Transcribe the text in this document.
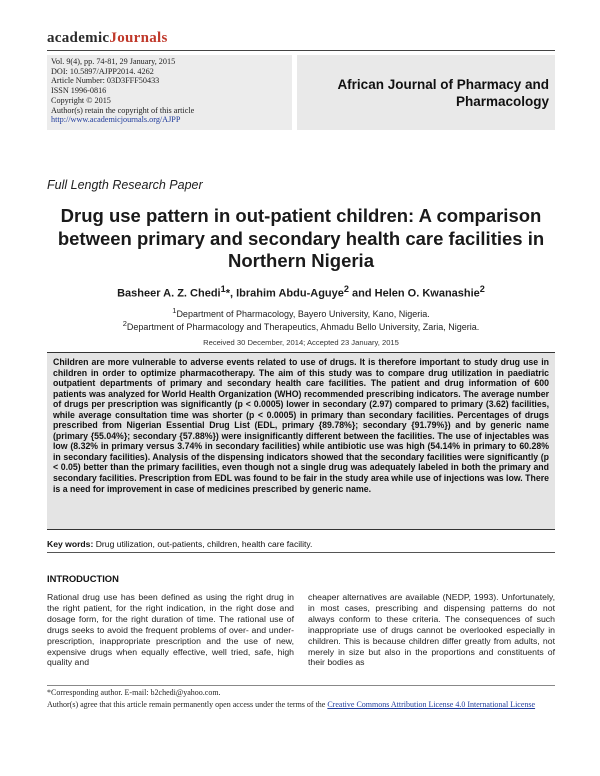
academicJournals
Vol. 9(4), pp. 74-81, 29 January, 2015
DOI: 10.5897/AJPP2014. 4262
Article Number: 03D3FFF50433
ISSN 1996-0816
Copyright © 2015
Author(s) retain the copyright of this article
http://www.academicjournals.org/AJPP
African Journal of Pharmacy and
Pharmacology
Full Length Research Paper
Drug use pattern in out-patient children: A comparison between primary and secondary health care facilities in Northern Nigeria
Basheer A. Z. Chedi$^1$*, Ibrahim Abdu-Aguye$^2$ and Helen O. Kwanashie$^2$
$^1$Department of Pharmacology, Bayero University, Kano, Nigeria.
$^2$Department of Pharmacology and Therapeutics, Ahmadu Bello University, Zaria, Nigeria.
Received 30 December, 2014; Accepted 23 January, 2015
Children are more vulnerable to adverse events related to use of drugs. It is therefore important to study drug use in children in order to optimize pharmacotherapy. The aim of this study was to compare drug utilization in paediatric outpatient departments of primary and secondary health care facilities. The patient and drug information of 600 patients was analyzed for World Health Organization (WHO) recommended prescribing indicators. The average number of drugs per prescription was significantly (p < 0.0005) lower in secondary (2.97) compared to primary (3.62) facilities, while average consultation time was shorter (p < 0.0005) in primary than secondary facilities. Percentages of drugs prescribed from Nigerian Essential Drug List (EDL, primary {89.78%}; secondary {91.79%}) and by generic name (primary {55.04%}; secondary {57.88%}) were insignificantly different between the facilities. The use of injectables was low (8.32% in primary versus 3.74% in secondary facilities) while antibiotic use was high (54.14% in primary to 60.28% in secondary facilities). Analysis of the dispensing indicators showed that the secondary facilities were significantly (p < 0.05) better than the primary facilities, even though not a single drug was adequately labeled in both the primary and secondary facilities. Prescription from EDL was found to be fair in the study area while use of injections was low. There is a need for improvement in case of medicines prescribed by generic name.
Key words: Drug utilization, out-patients, children, health care facility.
INTRODUCTION
Rational drug use has been defined as using the right drug in the right patient, for the right indication, in the right dose and dosage form, for the right duration of time. The rational use of drugs seeks to avoid the frequent problems of over- and under-prescription, inappropriate prescription and the use of new, expensive drugs when equally effective, well tried, safe, high quality and
cheaper alternatives are available (NEDP, 1993). Unfortunately, in most cases, prescribing and dispensing patterns do not always conform to these criteria. The consequences of such inappropriate use of drugs cannot be overlooked especially in children. This is because children differ greatly from adults, not merely in size but also in the proportions and constituents of their bodies as
*Corresponding author. E-mail: b2chedi@yahoo.com.
Author(s) agree that this article remain permanently open access under the terms of the Creative Commons Attribution License 4.0 International License
